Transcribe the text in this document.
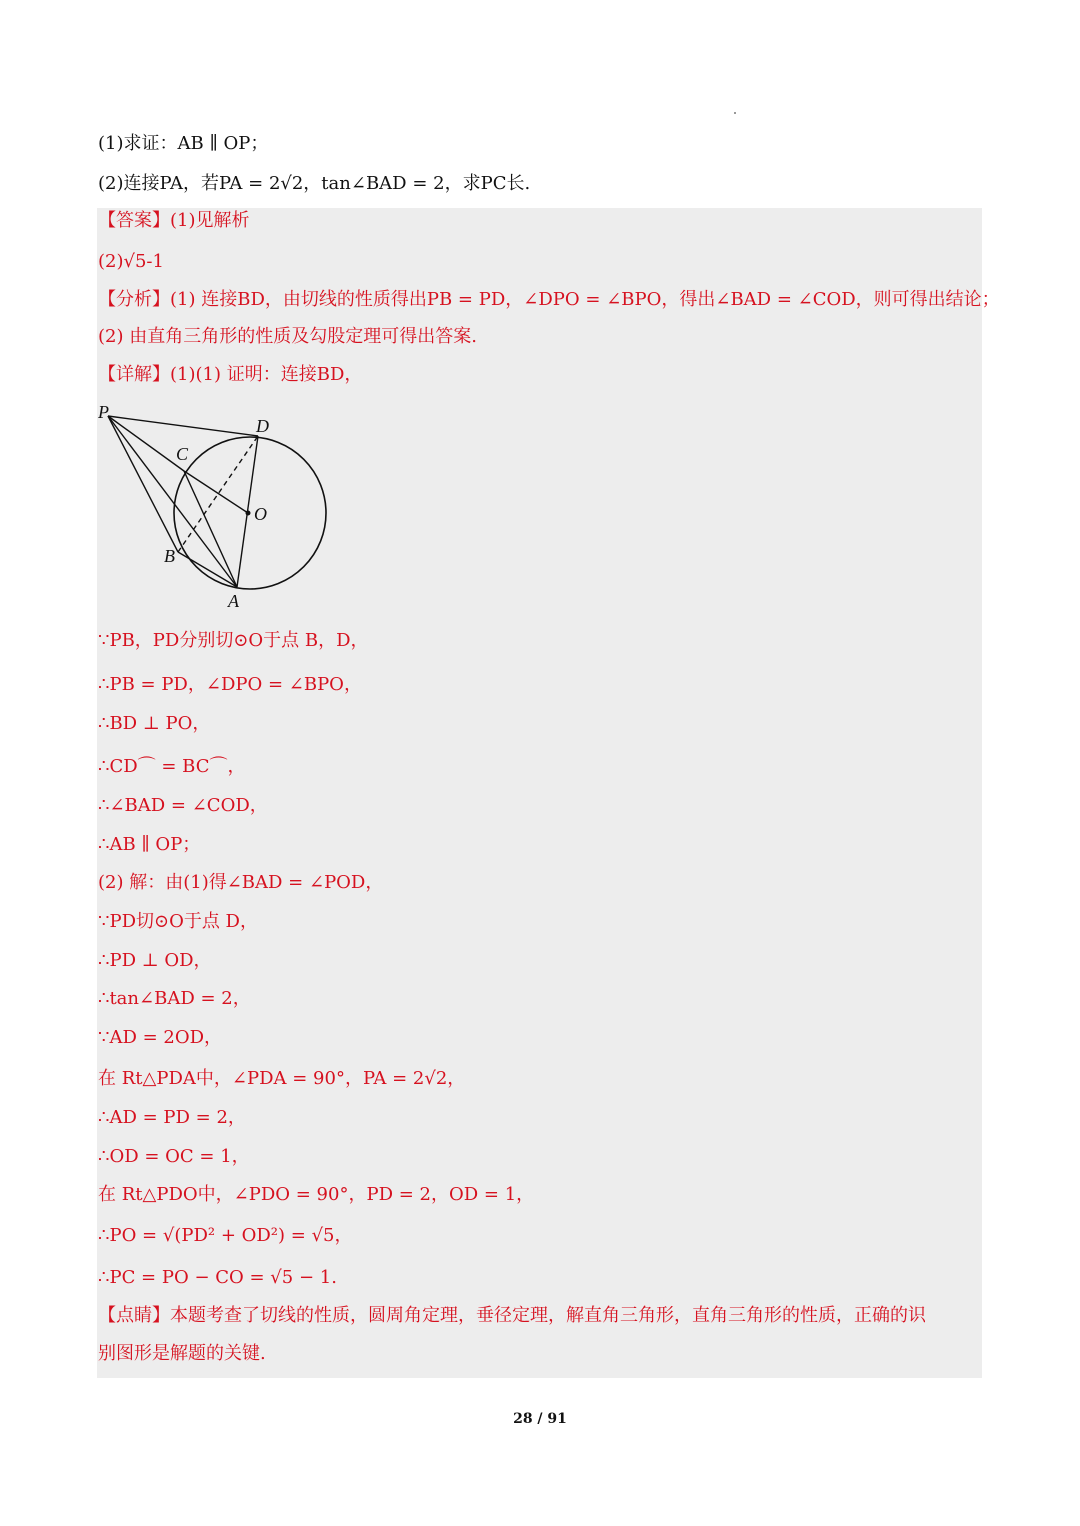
(1)求证：AB ∥ OP；
(2)连接PA，若PA = 2√2，tan∠BAD = 2，求PC长.
【答案】(1)见解析
(2)√5-1
【分析】(1) 连接BD，由切线的性质得出PB = PD，∠DPO = ∠BPO，得出∠BAD = ∠COD，则可得出结论；
(2) 由直角三角形的性质及勾股定理可得出答案.
【详解】(1)(1) 证明：连接BD，
P
D
C
O
B
A
∵PB，PD分别切⊙O于点 B，D，
∴PB = PD，∠DPO = ∠BPO，
∴BD ⊥ PO，
∴CD⌒ = BC⌒，
∴∠BAD = ∠COD，
∴AB ∥ OP；
(2) 解：由(1)得∠BAD = ∠POD，
∵PD切⊙O于点 D，
∴PD ⊥ OD，
∴tan∠BAD = 2，
∵AD = 2OD，
在 Rt△PDA中，∠PDA = 90°，PA = 2√2，
∴AD = PD = 2，
∴OD = OC = 1，
在 Rt△PDO中，∠PDO = 90°，PD = 2，OD = 1，
∴PO = √(PD² + OD²) = √5，
∴PC = PO − CO = √5 − 1.
【点睛】本题考查了切线的性质，圆周角定理，垂径定理，解直角三角形，直角三角形的性质，正确的识
别图形是解题的关键.
28 / 91
